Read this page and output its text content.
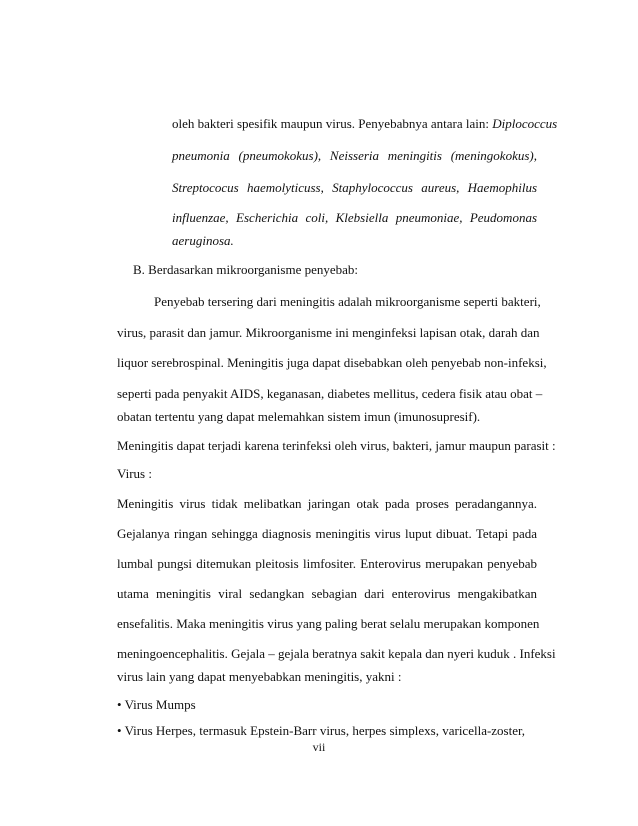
oleh bakteri spesifik maupun virus. Penyebabnya antara lain: Diplococcus
pneumonia (pneumokokus), Neisseria meningitis (meningokokus),
Streptococus haemolyticuss, Staphylococcus aureus, Haemophilus
influenzae, Escherichia coli, Klebsiella pneumoniae, Peudomonas
aeruginosa.
B. Berdasarkan mikroorganisme penyebab:
Penyebab tersering dari meningitis adalah mikroorganisme seperti bakteri,
virus, parasit dan jamur. Mikroorganisme ini menginfeksi lapisan otak, darah dan
liquor serebrospinal. Meningitis juga dapat disebabkan oleh penyebab non-infeksi,
seperti pada penyakit AIDS, keganasan, diabetes mellitus, cedera fisik atau obat –
obatan tertentu yang dapat melemahkan sistem imun (imunosupresif).
Meningitis dapat terjadi karena terinfeksi oleh virus, bakteri, jamur maupun parasit :
Virus :
Meningitis virus tidak melibatkan jaringan otak pada proses peradangannya.
Gejalanya ringan sehingga diagnosis meningitis virus luput dibuat. Tetapi pada
lumbal pungsi ditemukan pleitosis limfositer. Enterovirus merupakan penyebab
utama meningitis viral sedangkan sebagian dari enterovirus mengakibatkan
ensefalitis. Maka meningitis virus yang paling berat selalu merupakan komponen
meningoencephalitis. Gejala – gejala beratnya sakit kepala dan nyeri kuduk . Infeksi
virus lain yang dapat menyebabkan meningitis, yakni :
• Virus Mumps
• Virus Herpes, termasuk Epstein-Barr virus, herpes simplexs, varicella-zoster,
vii
